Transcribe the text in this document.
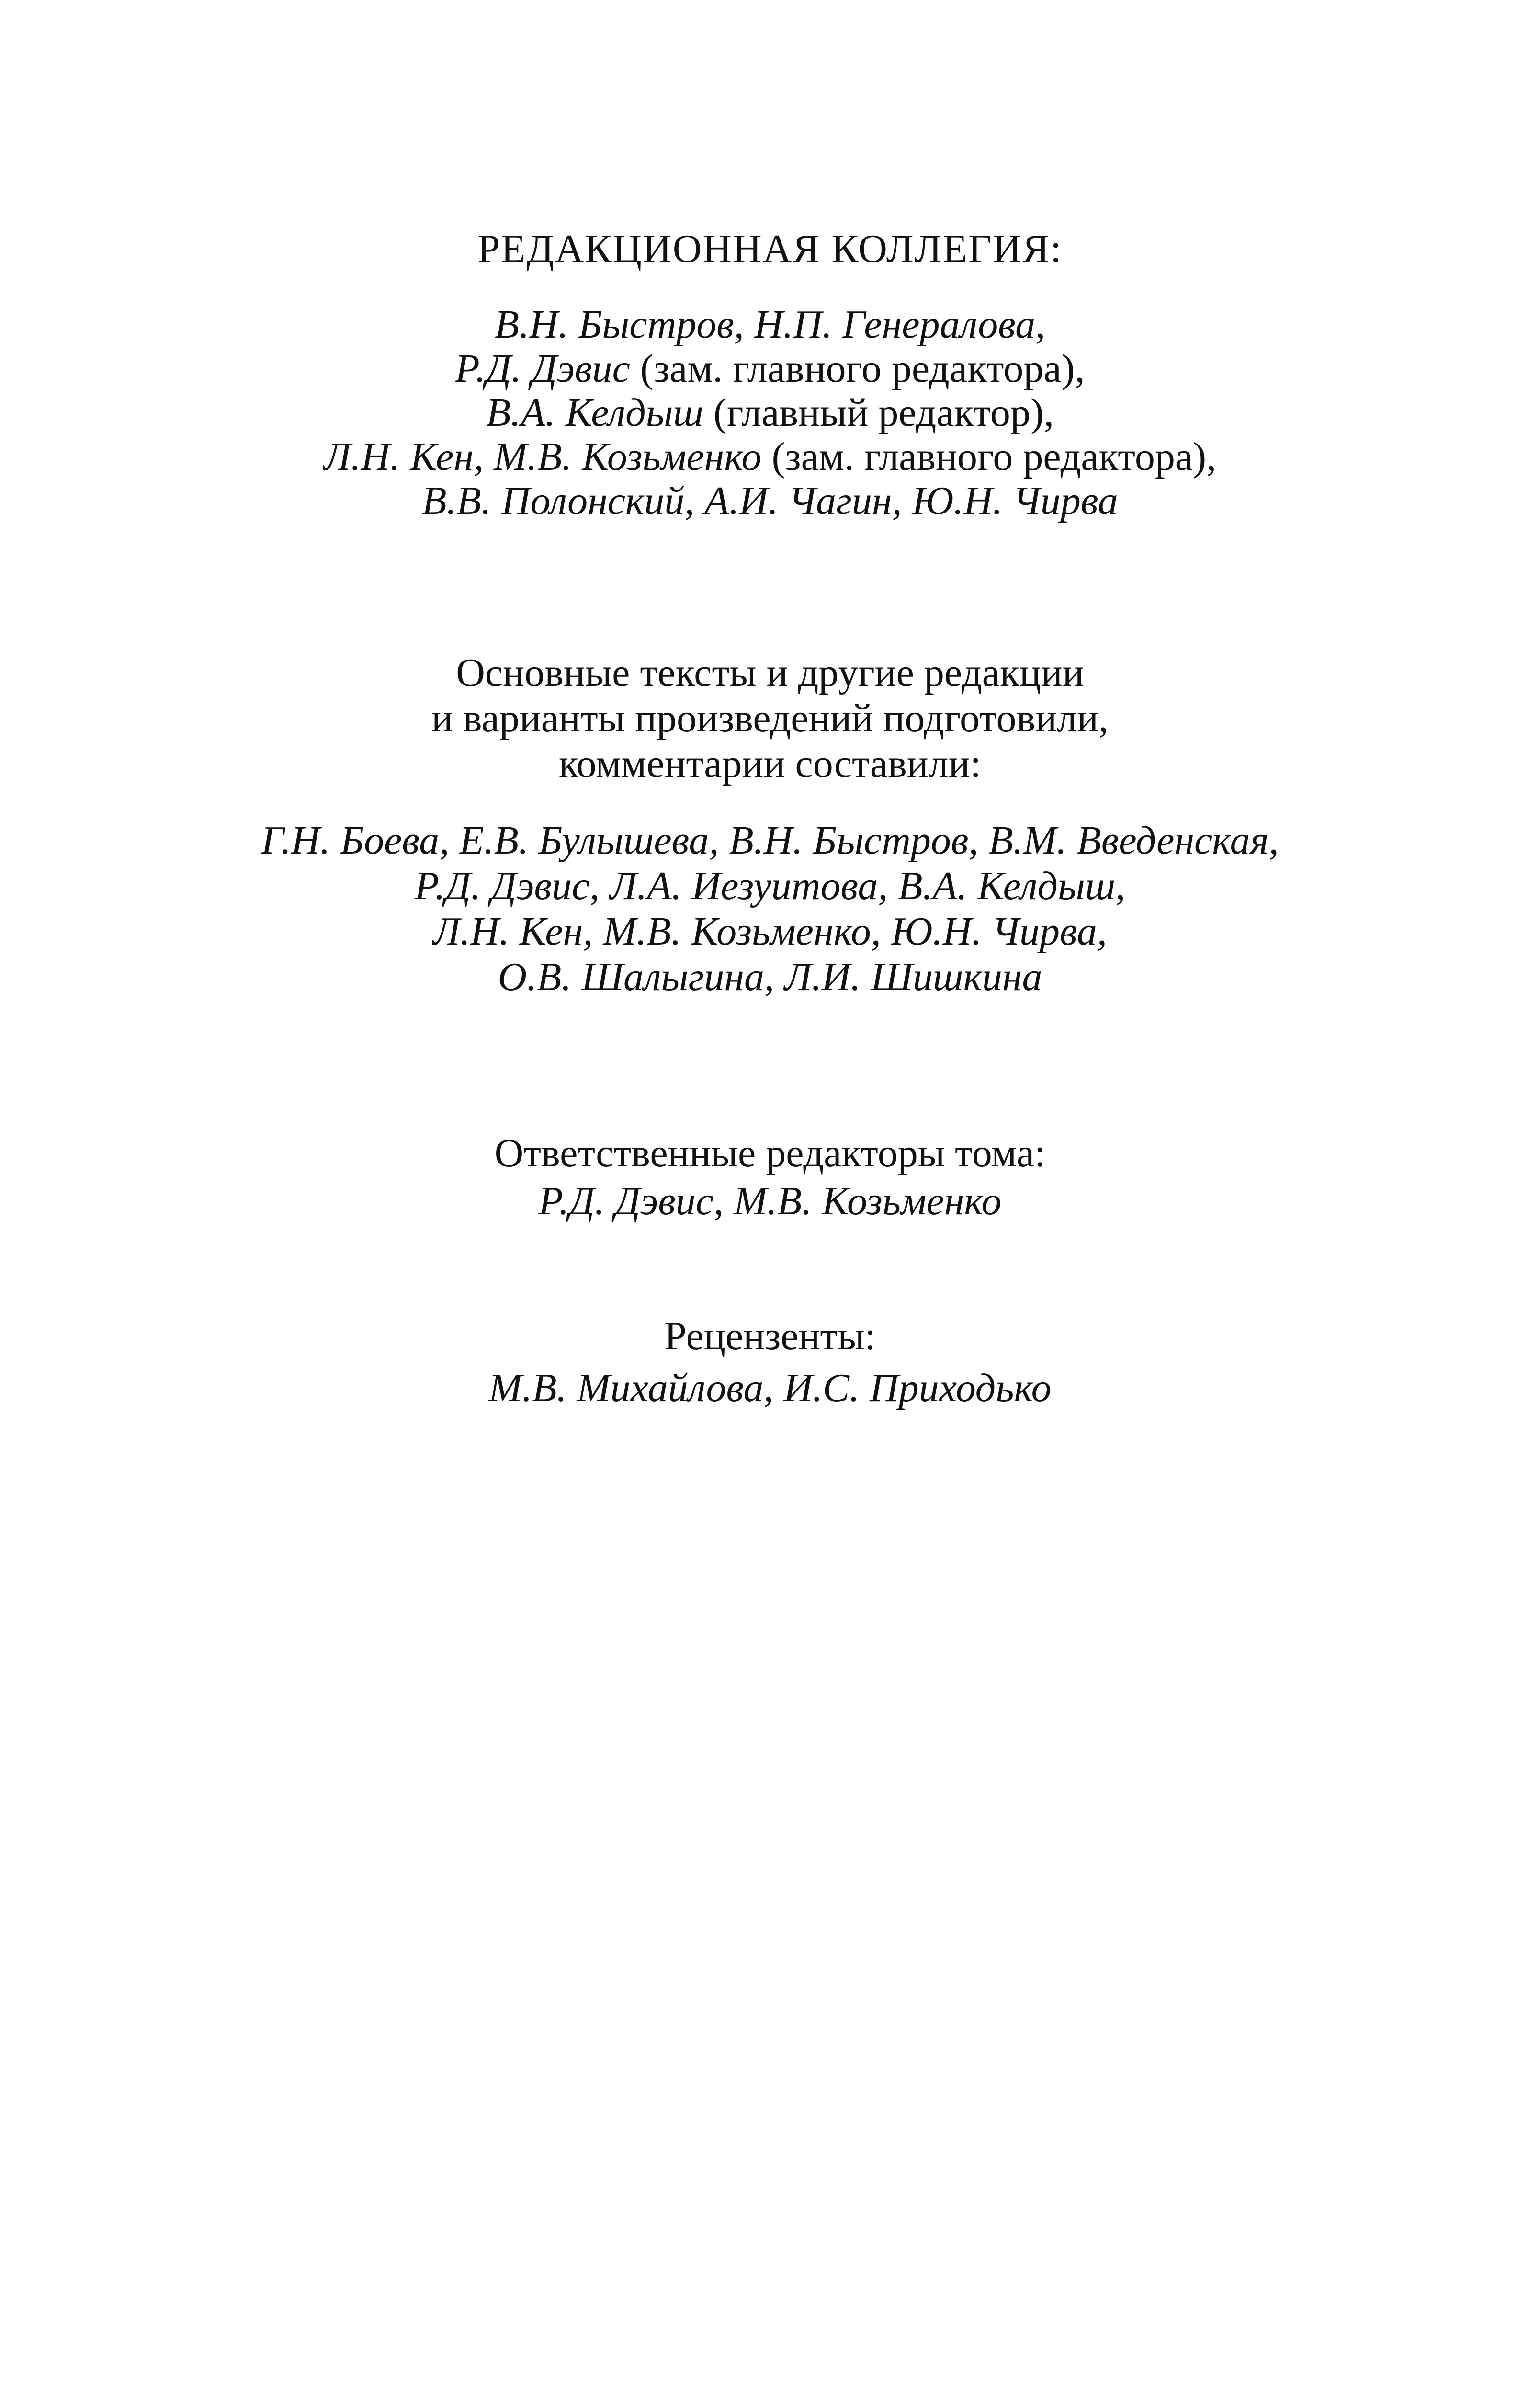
РЕДАКЦИОННАЯ КОЛЛЕГИЯ:
В.Н. Быстров, Н.П. Генералова,
Р.Д. Дэвис (зам. главного редактора),
В.А. Келдыш (главный редактор),
Л.Н. Кен, М.В. Козьменко (зам. главного редактора),
В.В. Полонский, А.И. Чагин, Ю.Н. Чирва
Основные тексты и другие редакции
и варианты произведений подготовили,
комментарии составили:
Г.Н. Боева, Е.В. Булышева, В.Н. Быстров, В.М. Введенская,
Р.Д. Дэвис, Л.А. Иезуитова, В.А. Келдыш,
Л.Н. Кен, М.В. Козьменко, Ю.Н. Чирва,
О.В. Шалыгина, Л.И. Шишкина
Ответственные редакторы тома:
Р.Д. Дэвис, М.В. Козьменко
Рецензенты:
М.В. Михайлова, И.С. Приходько
